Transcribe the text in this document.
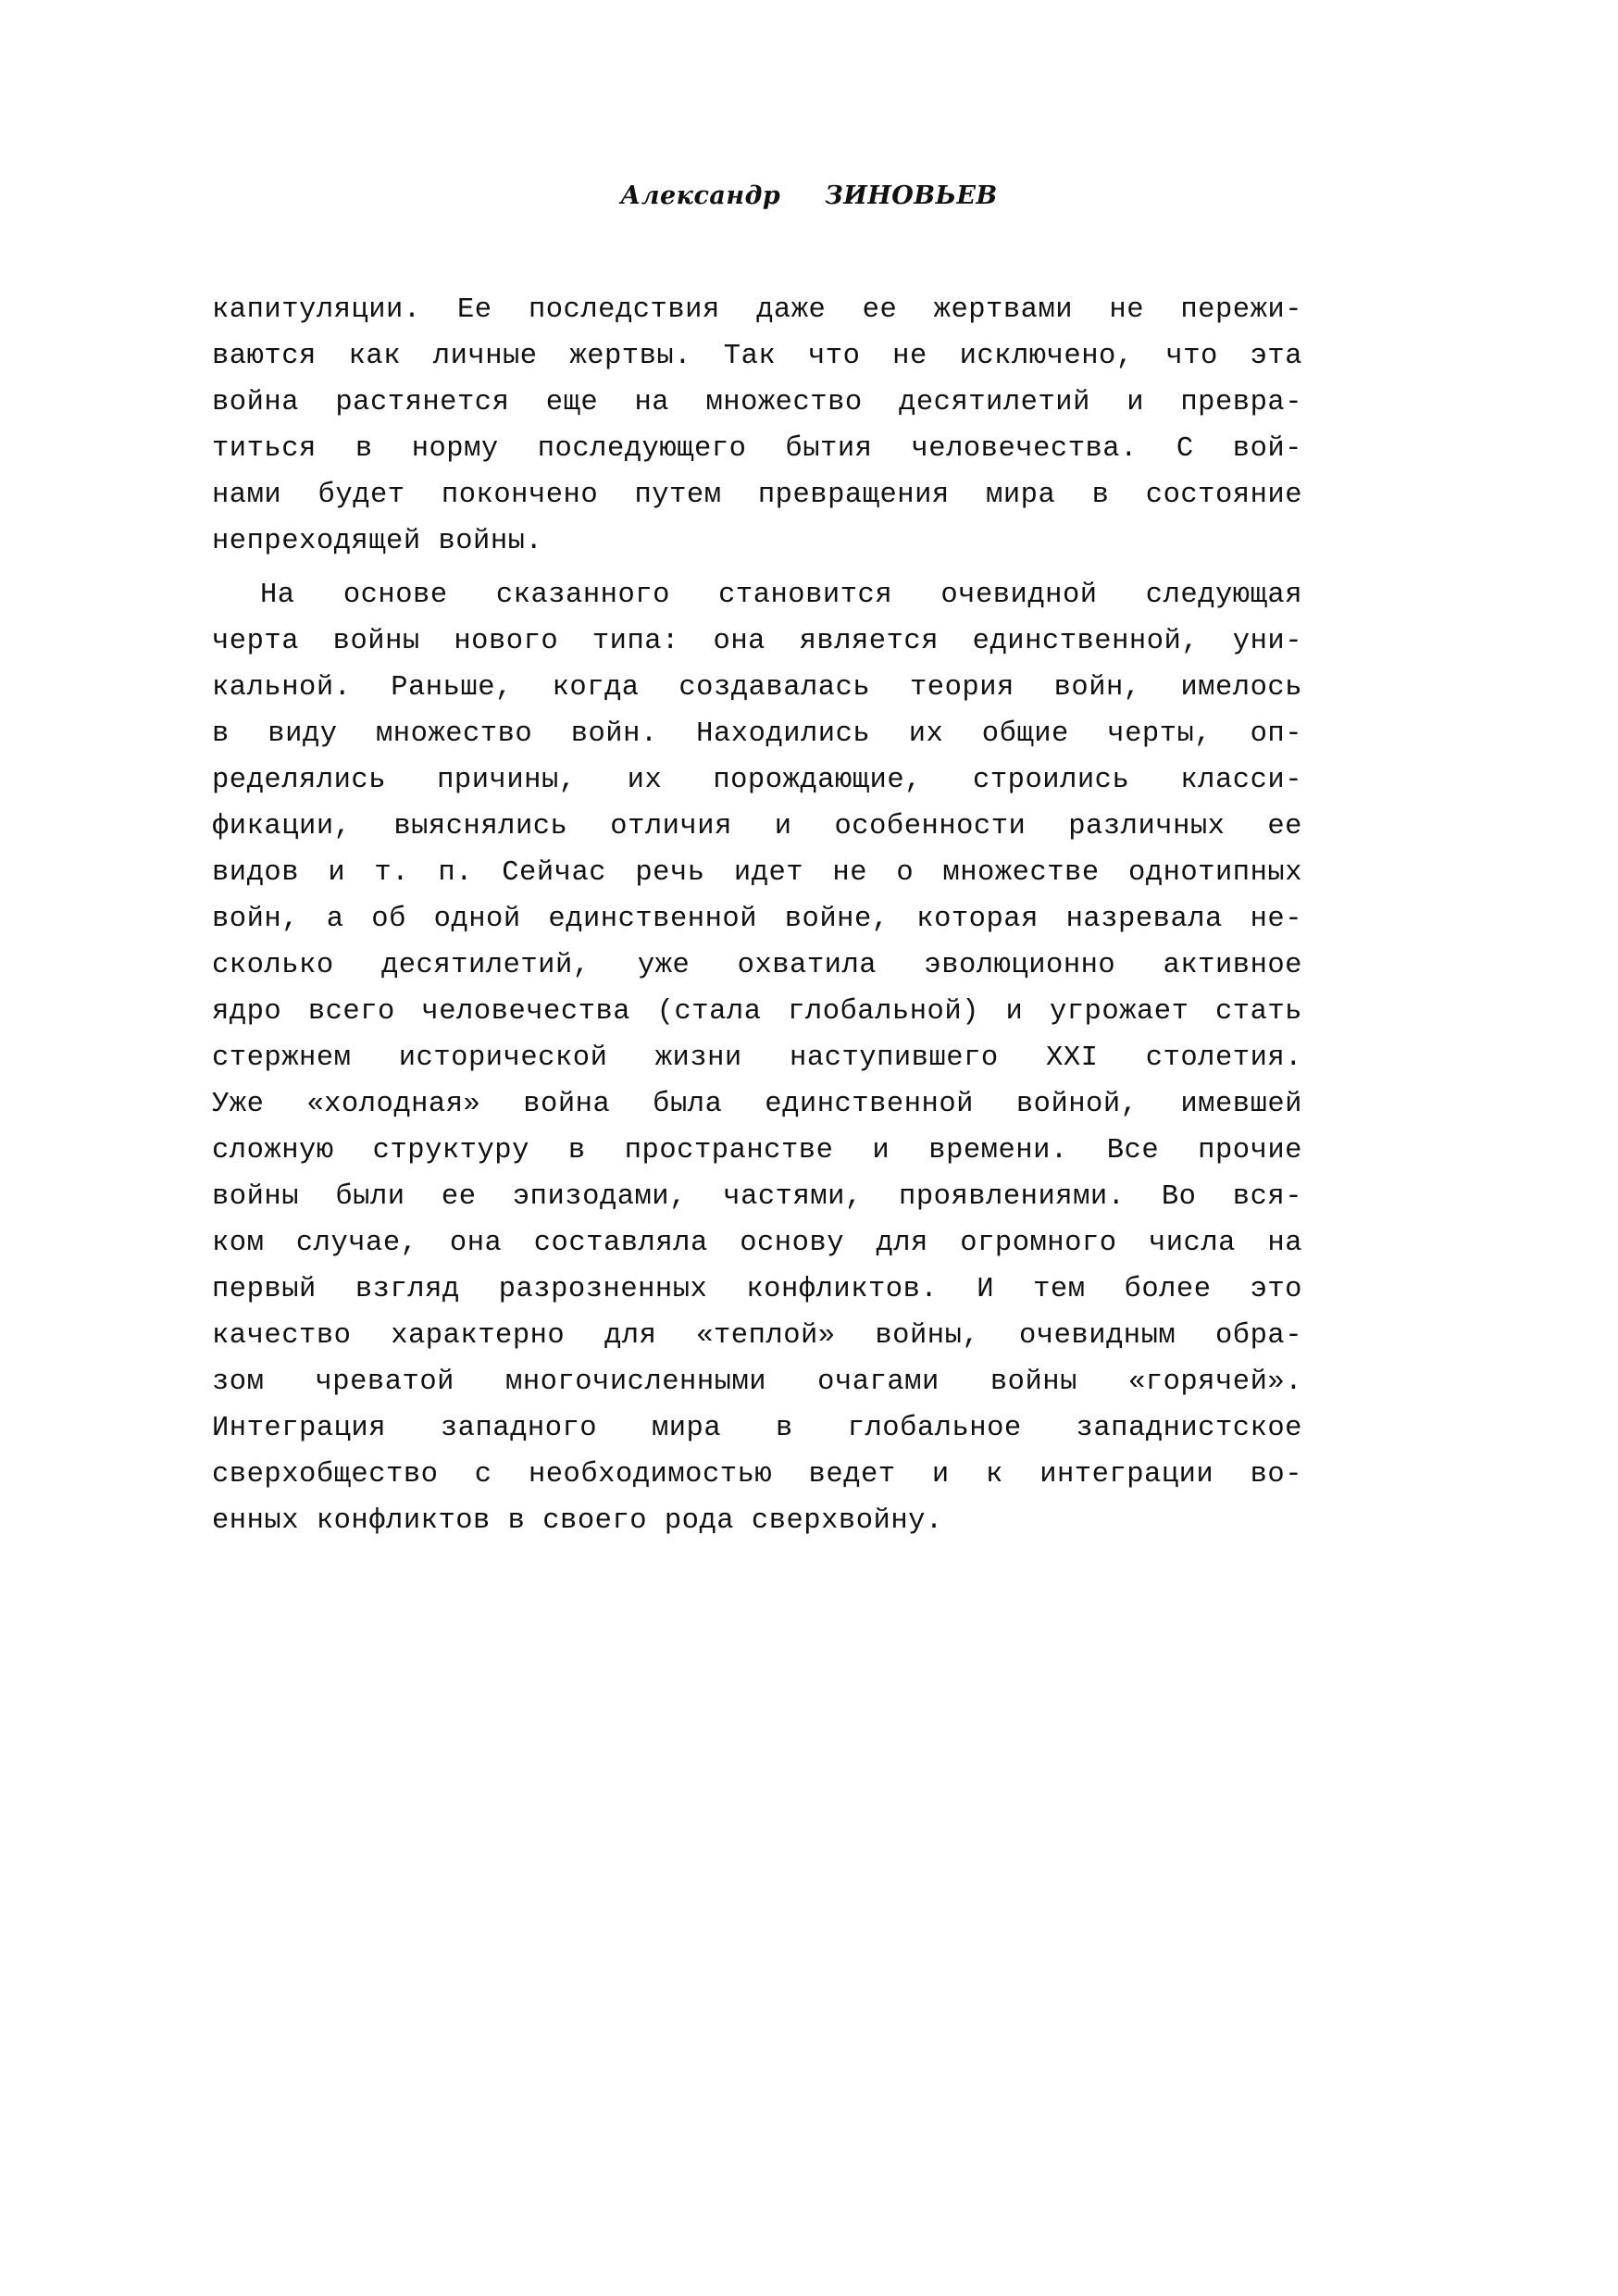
Александр ЗИНОВЬЕВ
капитуляции. Ее последствия даже ее жертвами не пережи-
ваются как личные жертвы. Так что не исключено, что эта
война растянется еще на множество десятилетий и превра-
титься в норму последующего бытия человечества. С вой-
нами будет покончено путем превращения мира в состояние
непреходящей войны.
На основе сказанного становится очевидной следующая
черта войны нового типа: она является единственной, уни-
кальной. Раньше, когда создавалась теория войн, имелось
в виду множество войн. Находились их общие черты, оп-
ределялись причины, их порождающие, строились класси-
фикации, выяснялись отличия и особенности различных ее
видов и т. п. Сейчас речь идет не о множестве однотипных
войн, а об одной единственной войне, которая назревала не-
сколько десятилетий, уже охватила эволюционно активное
ядро всего человечества (стала глобальной) и угрожает стать
стержнем исторической жизни наступившего XXI столетия.
Уже «холодная» война была единственной войной, имевшей
сложную структуру в пространстве и времени. Все прочие
войны были ее эпизодами, частями, проявлениями. Во вся-
ком случае, она составляла основу для огромного числа на
первый взгляд разрозненных конфликтов. И тем более это
качество характерно для «теплой» войны, очевидным обра-
зом чреватой многочисленными очагами войны «горячей».
Интеграция западного мира в глобальное западнистское
сверхобщество с необходимостью ведет и к интеграции во-
енных конфликтов в своего рода сверхвойну.
